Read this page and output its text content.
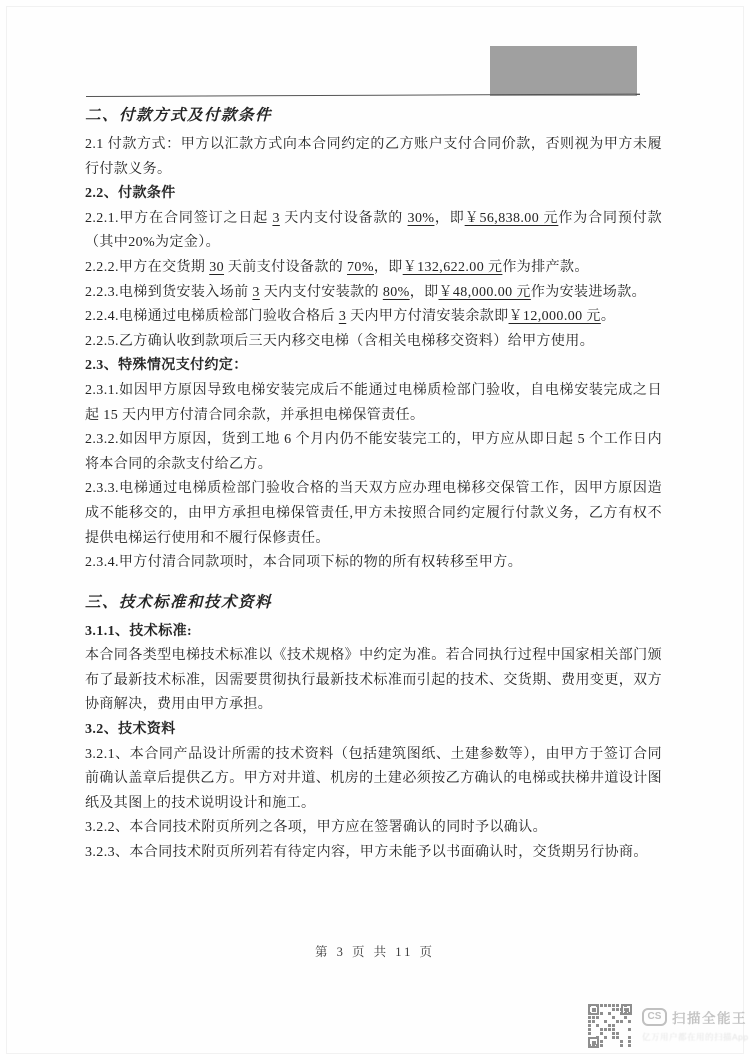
二、付款方式及付款条件

2.1 付款方式：甲方以汇款方式向本合同约定的乙方账户支付合同价款，否则视为甲方未履行付款义务。

2.2、付款条件

2.2.1.甲方在合同签订之日起 3 天内支付设备款的 30%，即￥56,838.00 元作为合同预付款（其中20%为定金）。

2.2.2.甲方在交货期 30 天前支付设备款的 70%，即￥132,622.00 元作为排产款。

2.2.3.电梯到货安装入场前 3 天内支付安装款的 80%，即￥48,000.00 元作为安装进场款。

2.2.4.电梯通过电梯质检部门验收合格后 3 天内甲方付清安装余款即￥12,000.00 元。

2.2.5.乙方确认收到款项后三天内移交电梯（含相关电梯移交资料）给甲方使用。

2.3、特殊情况支付约定：

2.3.1.如因甲方原因导致电梯安装完成后不能通过电梯质检部门验收，自电梯安装完成之日起 15 天内甲方付清合同余款，并承担电梯保管责任。

2.3.2.如因甲方原因，货到工地 6 个月内仍不能安装完工的，甲方应从即日起 5 个工作日内将本合同的余款支付给乙方。

2.3.3.电梯通过电梯质检部门验收合格的当天双方应办理电梯移交保管工作，因甲方原因造成不能移交的，由甲方承担电梯保管责任,甲方未按照合同约定履行付款义务，乙方有权不提供电梯运行使用和不履行保修责任。

2.3.4.甲方付清合同款项时，本合同项下标的物的所有权转移至甲方。

三、技术标准和技术资料

3.1.1、技术标准:

本合同各类型电梯技术标准以《技术规格》中约定为准。若合同执行过程中国家相关部门颁布了最新技术标准，因需要贯彻执行最新技术标准而引起的技术、交货期、费用变更，双方协商解决，费用由甲方承担。

3.2、技术资料

3.2.1、本合同产品设计所需的技术资料（包括建筑图纸、土建参数等），由甲方于签订合同前确认盖章后提供乙方。甲方对井道、机房的土建必须按乙方确认的电梯或扶梯井道设计图纸及其图上的技术说明设计和施工。

3.2.2、本合同技术附页所列之各项，甲方应在签署确认的同时予以确认。

3.2.3、本合同技术附页所列若有待定内容，甲方未能予以书面确认时，交货期另行协商。

第 3 页 共 11 页
CS 扫描全能王
亿万用户都在用的扫描App
